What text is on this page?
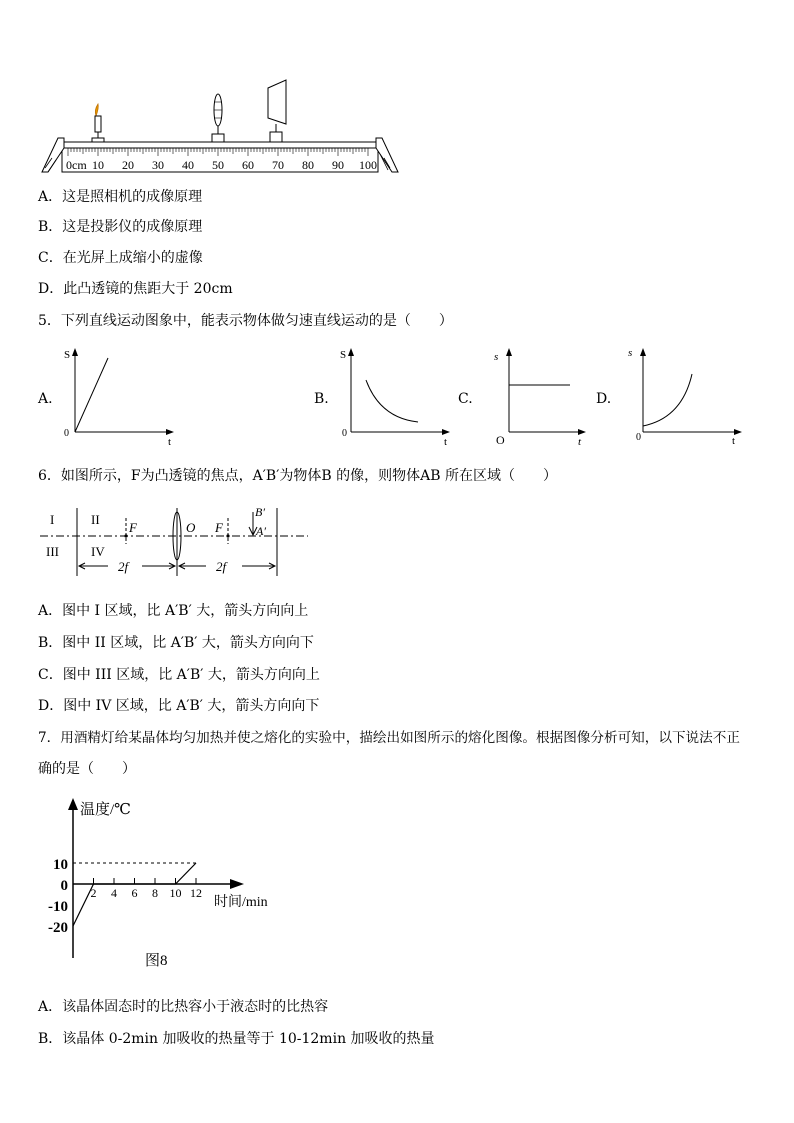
0cm 10 20 30 40 50 60 70 80 90 100
A．这是照相机的成像原理
B．这是投影仪的成像原理
C．在光屏上成缩小的虚像
D．此凸透镜的焦距大于 20cm
5．下列直线运动图象中，能表示物体做匀速直线运动的是（　　）
A.
S
0
t
B.
S
0
t
C.
s
O	t
D.
s
0	t
6．如图所示，F为凸透镜的焦点，A′B′为物体B 的像，则物体AB 所在区域（　　）
I	II
III IV
F	O F
B′
A′
2f	2f
A．图中 I 区域，比 A′B′ 大，箭头方向向上
B．图中 II 区域，比 A′B′ 大，箭头方向向下
C．图中 III 区域，比 A′B′ 大，箭头方向向上
D．图中 IV 区域，比 A′B′ 大，箭头方向向下
7．用酒精灯给某晶体均匀加热并使之熔化的实验中，描绘出如图所示的熔化图像。根据图像分析可知，以下说法不正
确的是（　　）
2 4 6 8 10 12
10
0
-10
-20
温度/℃
时间/min
图8
A．该晶体固态时的比热容小于液态时的比热容
B．该晶体 0-2min 加吸收的热量等于 10-12min 加吸收的热量
